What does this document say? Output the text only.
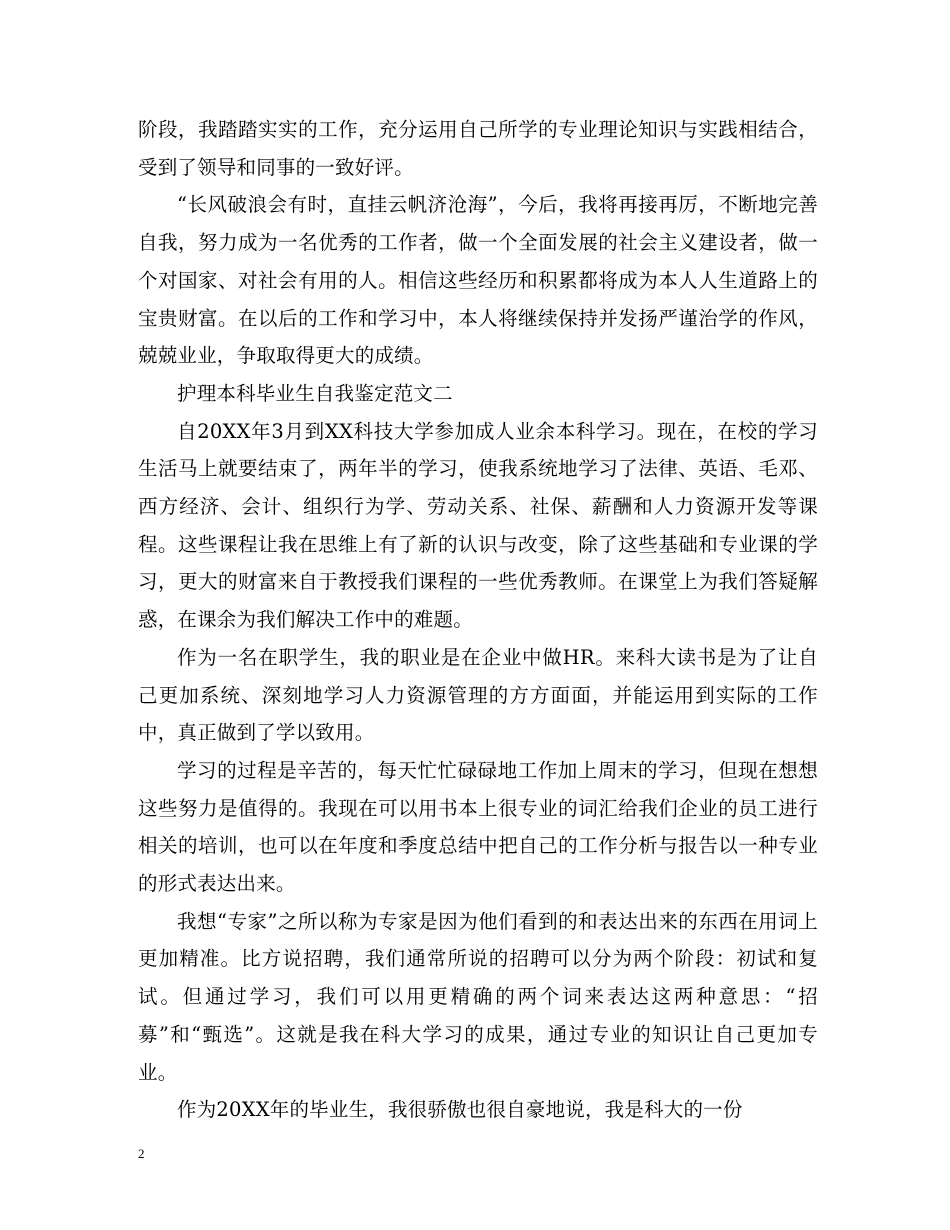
阶段，我踏踏实实的工作，充分运用自己所学的专业理论知识与实践相结合，受到了领导和同事的一致好评。

“长风破浪会有时，直挂云帆济沧海”，今后，我将再接再厉，不断地完善自我，努力成为一名优秀的工作者，做一个全面发展的社会主义建设者，做一个对国家、对社会有用的人。相信这些经历和积累都将成为本人人生道路上的宝贵财富。在以后的工作和学习中，本人将继续保持并发扬严谨治学的作风，兢兢业业，争取取得更大的成绩。

护理本科毕业生自我鉴定范文二

自20XX年3月到XX科技大学参加成人业余本科学习。现在，在校的学习生活马上就要结束了，两年半的学习，使我系统地学习了法律、英语、毛邓、西方经济、会计、组织行为学、劳动关系、社保、薪酬和人力资源开发等课程。这些课程让我在思维上有了新的认识与改变，除了这些基础和专业课的学习，更大的财富来自于教授我们课程的一些优秀教师。在课堂上为我们答疑解惑，在课余为我们解决工作中的难题。

作为一名在职学生，我的职业是在企业中做HR。来科大读书是为了让自己更加系统、深刻地学习人力资源管理的方方面面，并能运用到实际的工作中，真正做到了学以致用。

学习的过程是辛苦的，每天忙忙碌碌地工作加上周末的学习，但现在想想这些努力是值得的。我现在可以用书本上很专业的词汇给我们企业的员工进行相关的培训，也可以在年度和季度总结中把自己的工作分析与报告以一种专业的形式表达出来。

我想“专家”之所以称为专家是因为他们看到的和表达出来的东西在用词上更加精准。比方说招聘，我们通常所说的招聘可以分为两个阶段：初试和复试。但通过学习，我们可以用更精确的两个词来表达这两种意思：“招募”和“甄选”。这就是我在科大学习的成果，通过专业的知识让自己更加专业。

作为20XX年的毕业生，我很骄傲也很自豪地说，我是科大的一份

2
